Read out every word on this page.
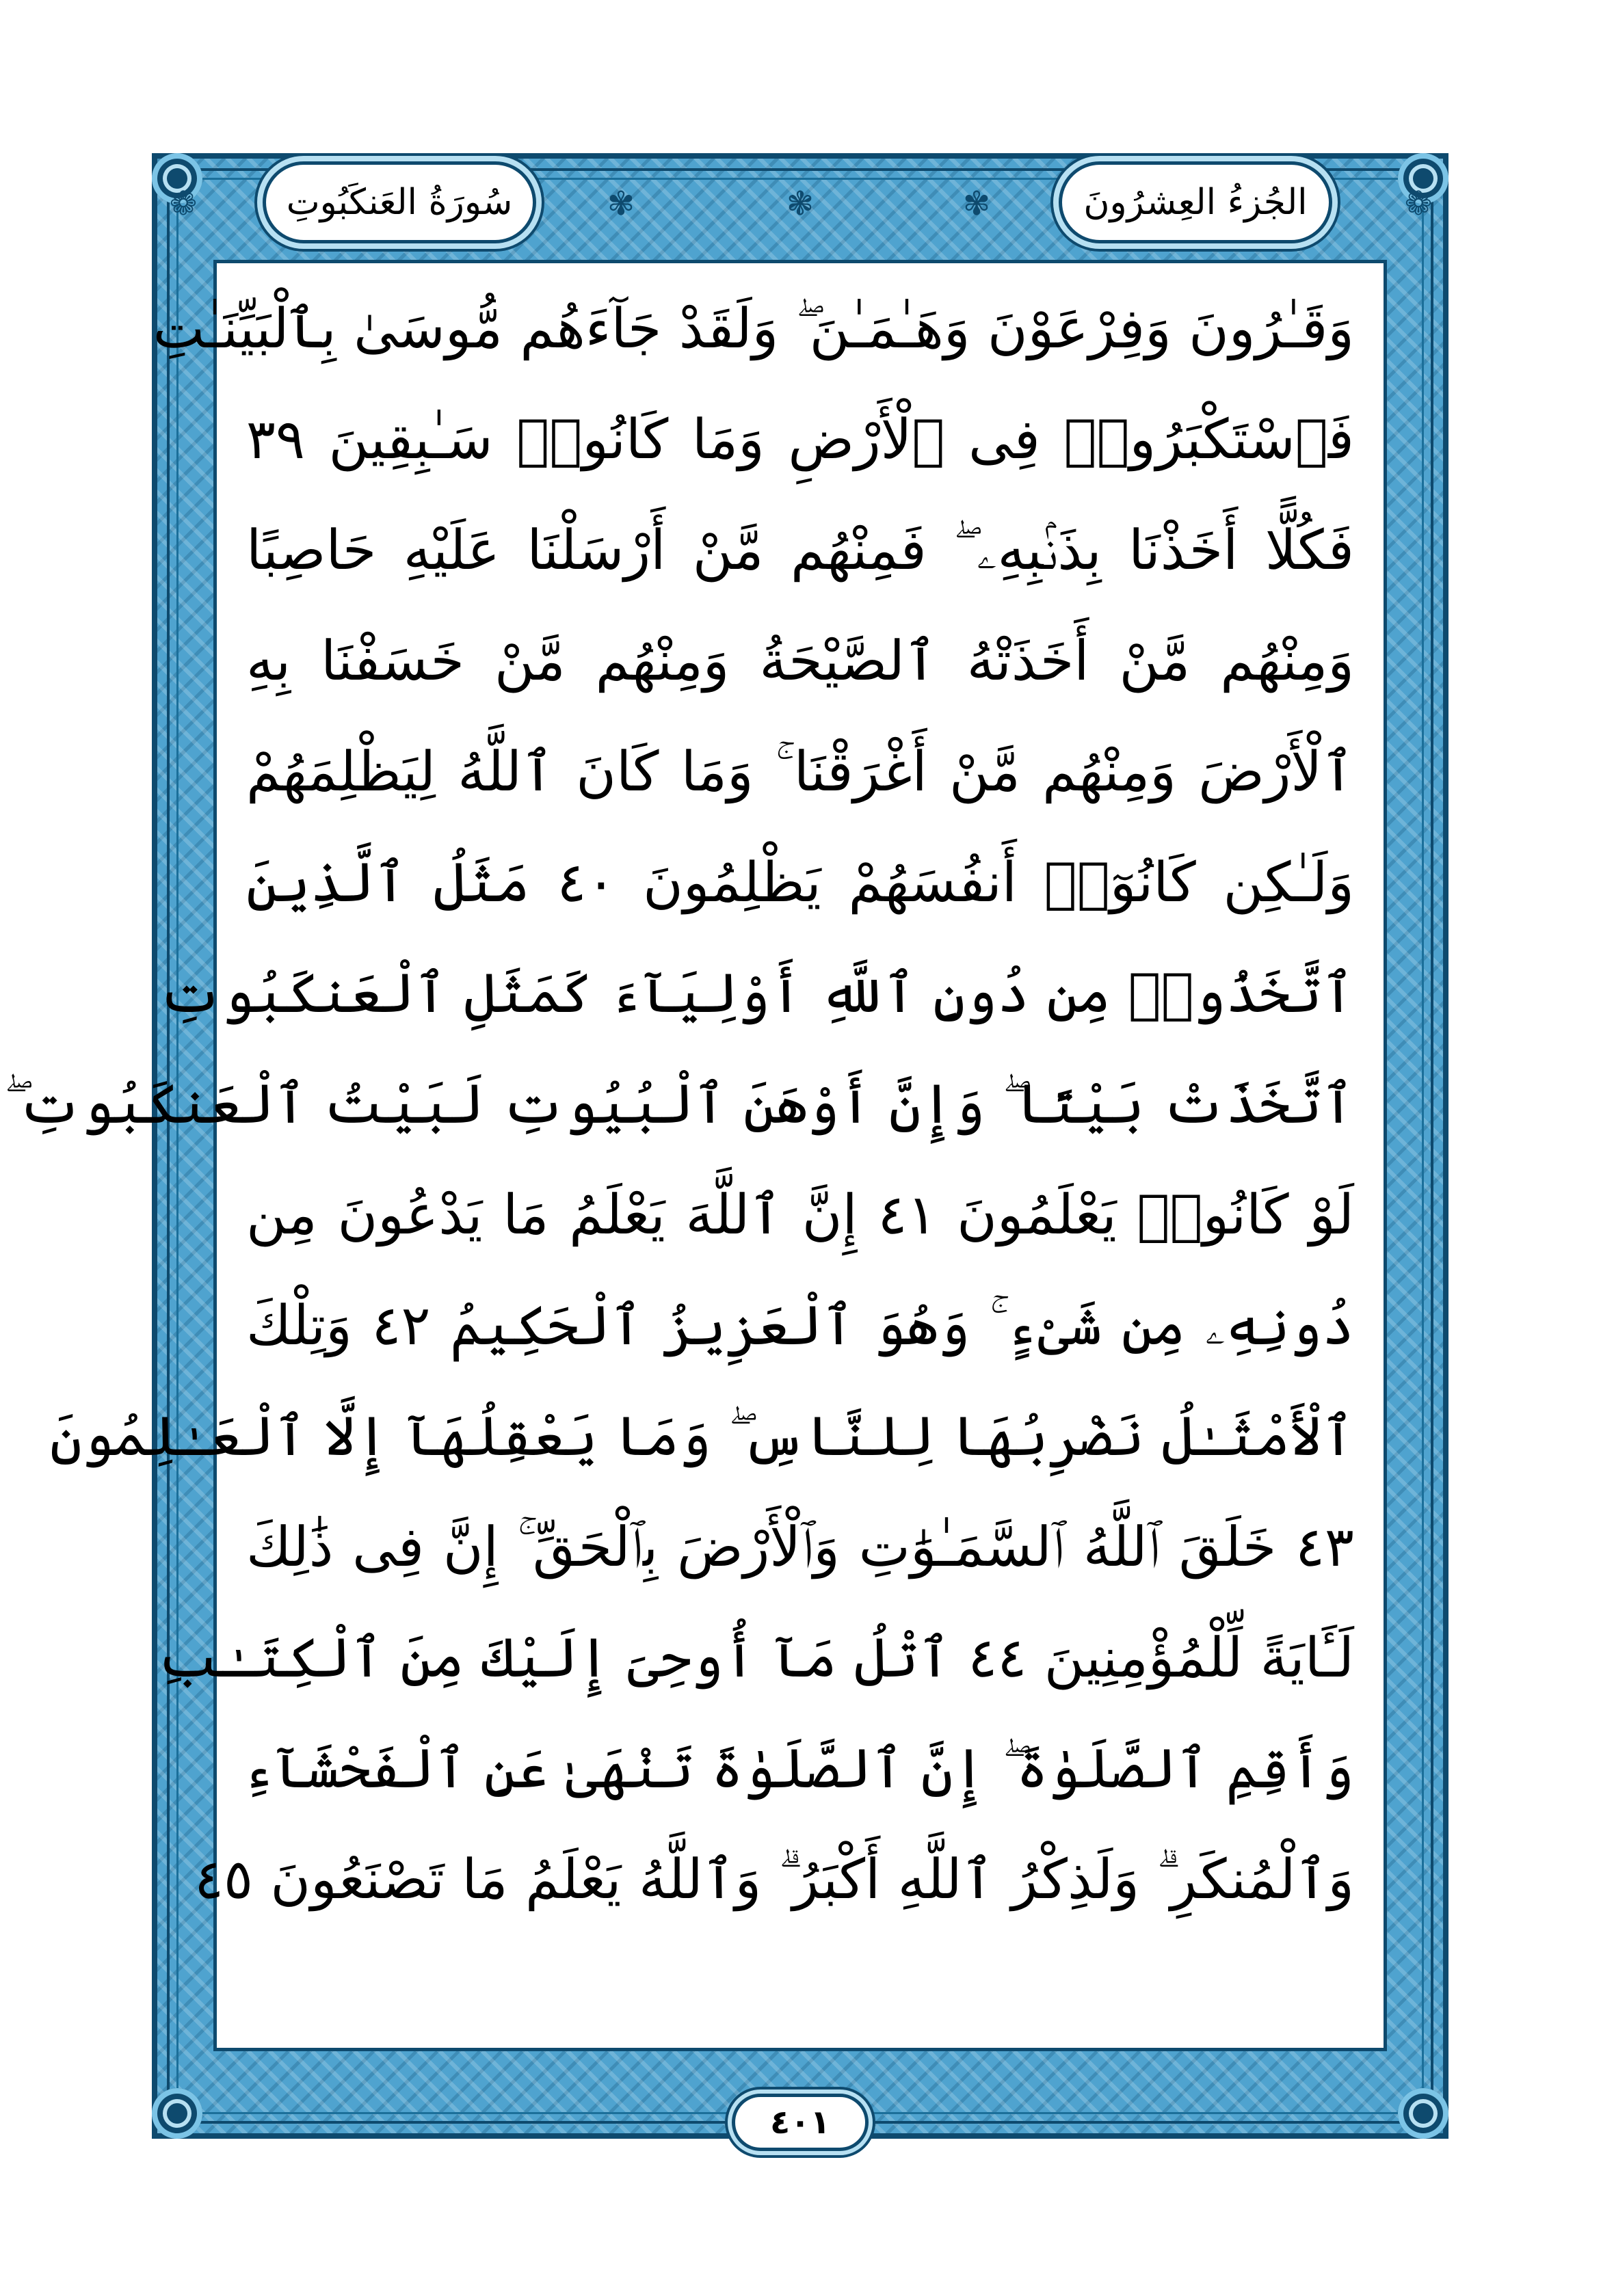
❁	✾	❃	✾	❁
سُورَةُ العَنكَبُوتِ	الجُزءُ العِشرُونَ
وَقَـٰرُونَ وَفِرْعَوْنَ وَهَـٰمَـٰنَ ۖ وَلَقَدْ جَآءَهُم مُّوسَىٰ بِٱلْبَيِّنَـٰتِ
فَٱسْتَكْبَرُوا۟ فِى ٱلْأَرْضِ وَمَا كَانُوا۟ سَـٰبِقِينَ ٣٩
فَكُلًّا أَخَذْنَا بِذَنۢبِهِۦ ۖ فَمِنْهُم مَّنْ أَرْسَلْنَا عَلَيْهِ حَاصِبًا
وَمِنْهُم مَّنْ أَخَذَتْهُ ٱلصَّيْحَةُ وَمِنْهُم مَّنْ خَسَفْنَا بِهِ
ٱلْأَرْضَ وَمِنْهُم مَّنْ أَغْرَقْنَا ۚ وَمَا كَانَ ٱللَّهُ لِيَظْلِمَهُمْ
وَلَـٰكِن كَانُوٓا۟ أَنفُسَهُمْ يَظْلِمُونَ ٤٠ مَثَلُ ٱلَّذِينَ
ٱتَّخَذُوا۟ مِن دُونِ ٱللَّهِ أَوْلِيَآءَ كَمَثَلِ ٱلْعَنكَبُوتِ
ٱتَّخَذَتْ بَيْتًا ۖ وَإِنَّ أَوْهَنَ ٱلْبُيُوتِ لَبَيْتُ ٱلْعَنكَبُوتِ ۖ
لَوْ كَانُوا۟ يَعْلَمُونَ ٤١ إِنَّ ٱللَّهَ يَعْلَمُ مَا يَدْعُونَ مِن
دُونِهِۦ مِن شَىْءٍ ۚ وَهُوَ ٱلْعَزِيزُ ٱلْحَكِيمُ ٤٢ وَتِلْكَ
ٱلْأَمْثَـٰلُ نَضْرِبُهَا لِلنَّاسِ ۖ وَمَا يَعْقِلُهَآ إِلَّا ٱلْعَـٰلِمُونَ
٤٣ خَلَقَ ٱللَّهُ ٱلسَّمَـٰوَٰتِ وَٱلْأَرْضَ بِٱلْحَقِّ ۚ إِنَّ فِى ذَٰلِكَ
لَـَٔايَةً لِّلْمُؤْمِنِينَ ٤٤ ٱتْلُ مَآ أُوحِىَ إِلَيْكَ مِنَ ٱلْكِتَـٰبِ
وَأَقِمِ ٱلصَّلَوٰةَ ۖ إِنَّ ٱلصَّلَوٰةَ تَنْهَىٰ عَنِ ٱلْفَحْشَآءِ
وَٱلْمُنكَرِ ۗ وَلَذِكْرُ ٱللَّهِ أَكْبَرُ ۗ وَٱللَّهُ يَعْلَمُ مَا تَصْنَعُونَ ٤٥
٤٠١
